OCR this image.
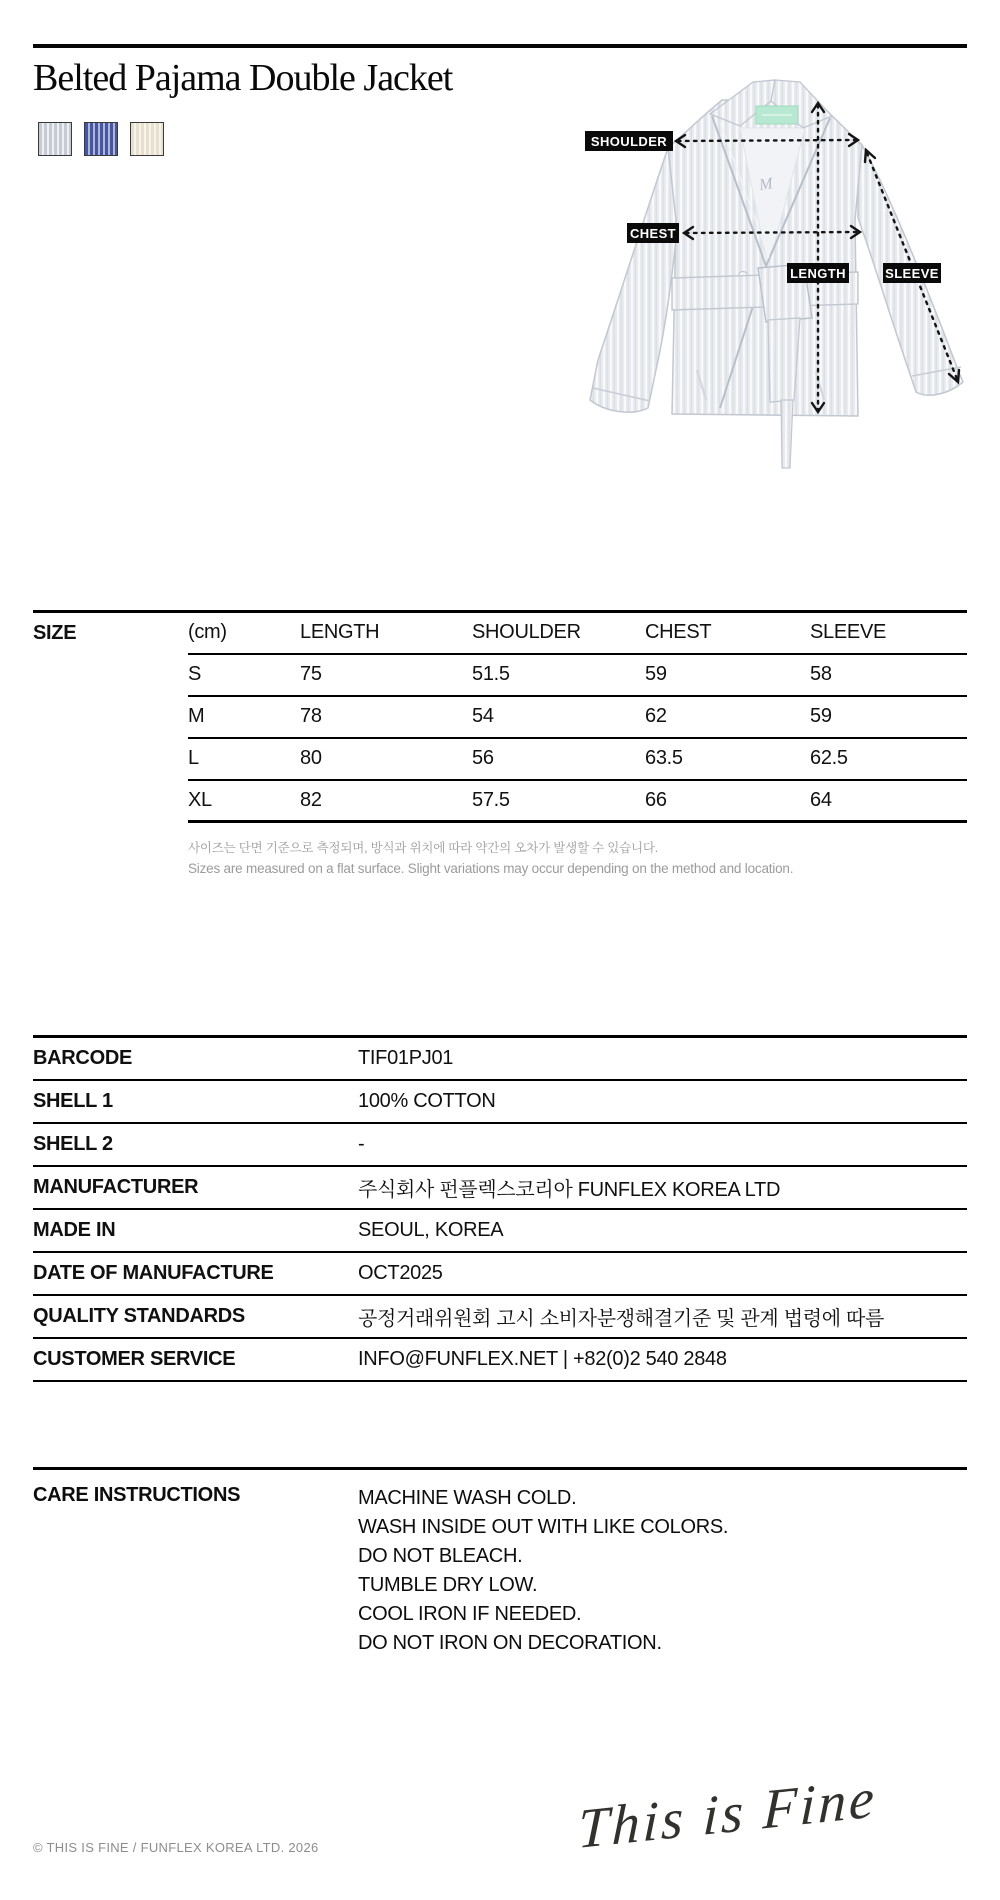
Belted Pajama Double Jacket
M
SHOULDER
CHEST
LENGTH	SLEEVE
SIZE	(cm)	LENGTH	SHOULDER	CHEST	SLEEVE
	S	75	51.5	59	58
	M	78	54	62	59
	L	80	56	63.5	62.5
	XL	82	57.5	66	64
사이즈는 단면 기준으로 측정되며, 방식과 위치에 따라 약간의 오차가 발생할 수 있습니다.
Sizes are measured on a flat surface. Slight variations may occur depending on the method and location.
BARCODE	TIF01PJ01
SHELL 1	100% COTTON
SHELL 2	-
MANUFACTURER	주식회사 펀플렉스코리아 FUNFLEX KOREA LTD
MADE IN	SEOUL, KOREA
DATE OF MANUFACTURE	OCT2025
QUALITY STANDARDS	공정거래위원회 고시 소비자분쟁해결기준 및 관계 법령에 따름
CUSTOMER SERVICE	INFO@FUNFLEX.NET | +82(0)2 540 2848
CARE INSTRUCTIONS	MACHINE WASH COLD.
WASH INSIDE OUT WITH LIKE COLORS.
DO NOT BLEACH.
TUMBLE DRY LOW.
COOL IRON IF NEEDED.
DO NOT IRON ON DECORATION.
This is Fine
© THIS IS FINE / FUNFLEX KOREA LTD. 2026
